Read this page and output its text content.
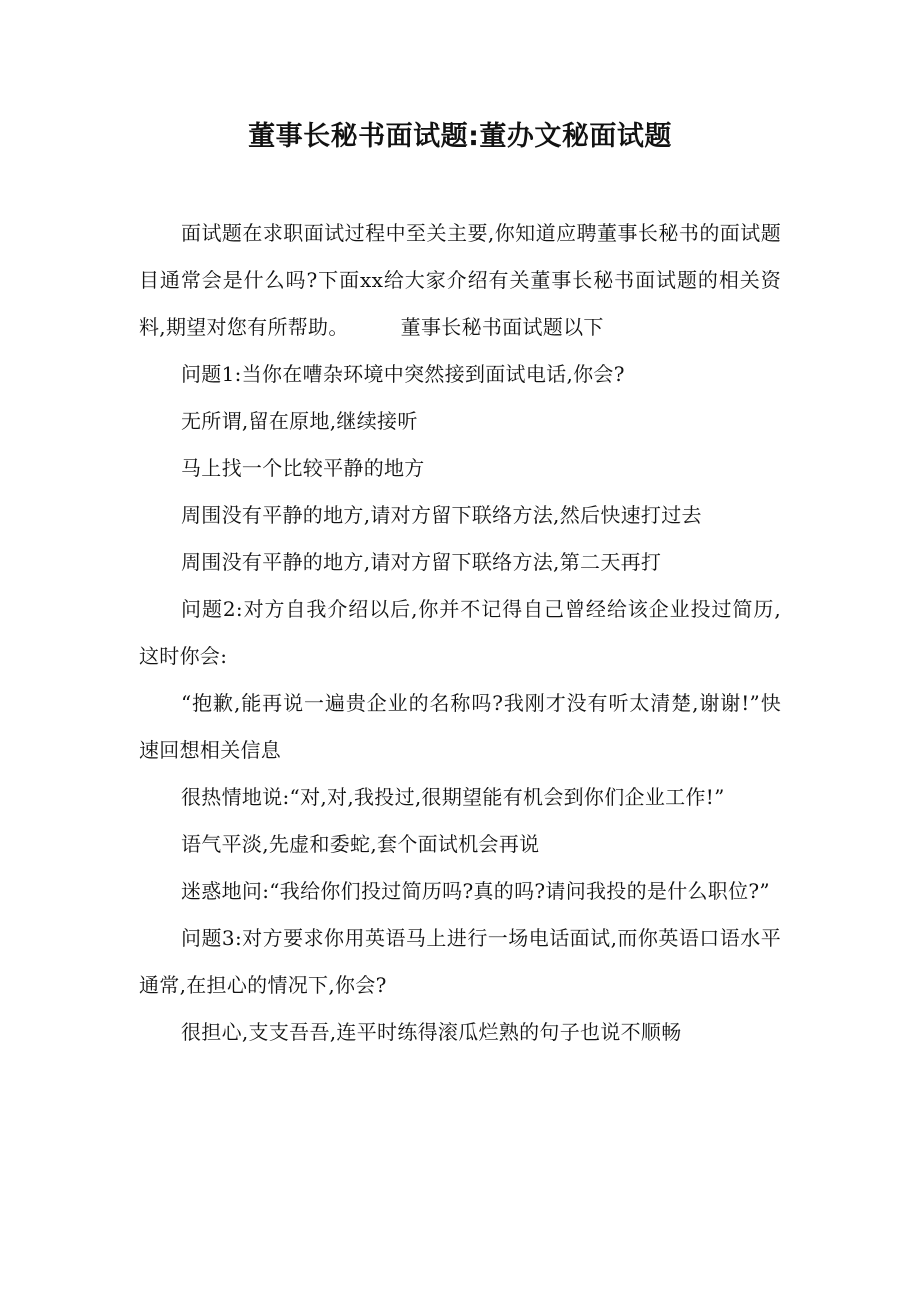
董事长秘书面试题:董办文秘面试题

面试题在求职面试过程中至关主要,你知道应聘董事长秘书的面试题目通常会是什么吗?下面xx给大家介绍有关董事长秘书面试题的相关资料,期望对您有所帮助。	董事长秘书面试题以下

问题1:当你在嘈杂环境中突然接到面试电话,你会?

无所谓,留在原地,继续接听

马上找一个比较平静的地方

周围没有平静的地方,请对方留下联络方法,然后快速打过去

周围没有平静的地方,请对方留下联络方法,第二天再打

问题2:对方自我介绍以后,你并不记得自己曾经给该企业投过简历,这时你会:

“抱歉,能再说一遍贵企业的名称吗?我刚才没有听太清楚,谢谢!”快速回想相关信息

很热情地说:“对,对,我投过,很期望能有机会到你们企业工作!”

语气平淡,先虚和委蛇,套个面试机会再说

迷惑地问:“我给你们投过简历吗?真的吗?请问我投的是什么职位?”

问题3:对方要求你用英语马上进行一场电话面试,而你英语口语水平通常,在担心的情况下,你会?

很担心,支支吾吾,连平时练得滚瓜烂熟的句子也说不顺畅
